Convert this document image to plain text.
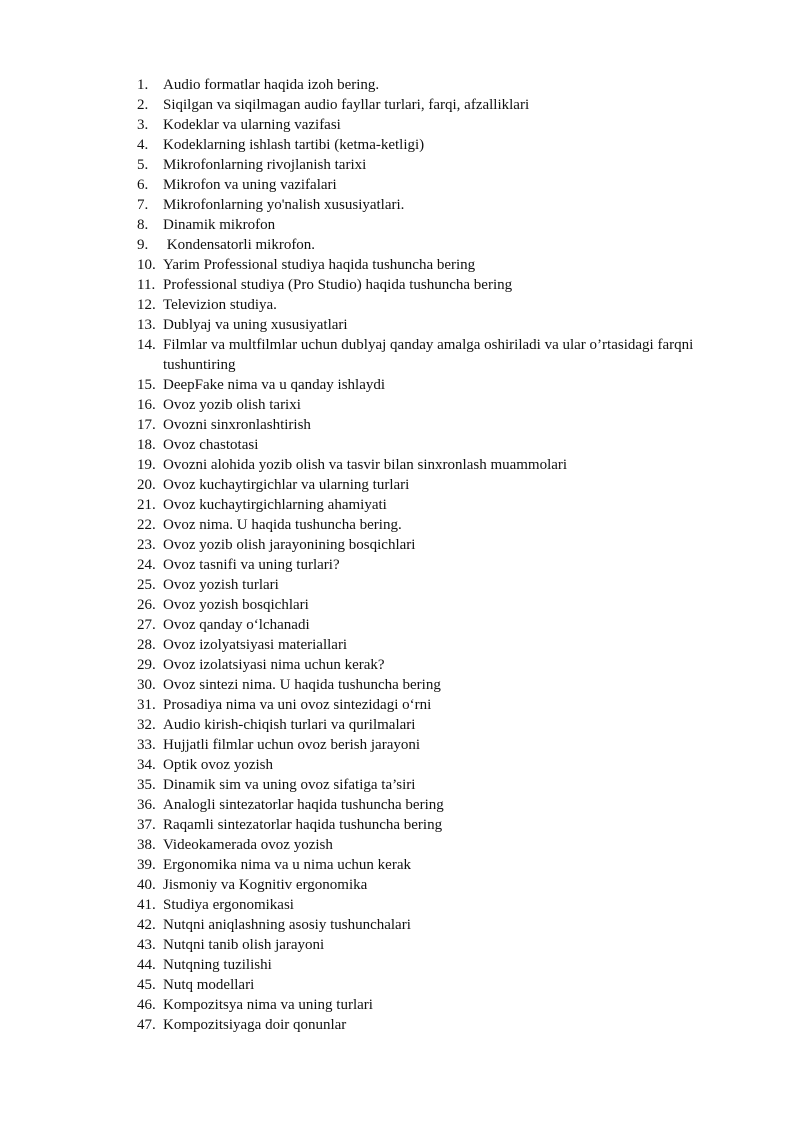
1. Audio formatlar haqida izoh bering.
2. Siqilgan va siqilmagan audio fayllar turlari, farqi, afzalliklari
3. Kodeklar va ularning vazifasi
4. Kodeklarning ishlash tartibi (ketma-ketligi)
5. Mikrofonlarning rivojlanish tarixi
6. Mikrofon va uning vazifalari
7. Mikrofonlarning yo'nalish xususiyatlari.
8. Dinamik mikrofon
9. Kondensatorli mikrofon.
10. Yarim Professional studiya haqida tushuncha bering
11. Professional studiya (Pro Studio) haqida tushuncha bering
12. Televizion studiya.
13. Dublyaj va uning xususiyatlari
14. Filmlar va multfilmlar uchun dublyaj qanday amalga oshiriladi va ular o’rtasidagi farqni tushuntiring
15. DeepFake nima va u qanday ishlaydi
16. Ovoz yozib olish tarixi
17. Ovozni sinxronlashtirish
18. Ovoz chastotasi
19. Ovozni alohida yozib olish va tasvir bilan sinxronlash muammolari
20. Ovoz kuchaytirgichlar va ularning turlari
21. Ovoz kuchaytirgichlarning ahamiyati
22. Ovoz nima. U haqida tushuncha bering.
23. Ovoz yozib olish jarayonining bosqichlari
24. Ovoz tasnifi va uning turlari?
25. Ovoz yozish turlari
26. Ovoz yozish bosqichlari
27. Ovoz qanday o‘lchanadi
28. Ovoz izolyatsiyasi materiallari
29. Ovoz izolatsiyasi nima uchun kerak?
30. Ovoz sintezi nima. U haqida tushuncha bering
31. Prosadiya nima va uni ovoz sintezidagi o‘rni
32. Audio kirish-chiqish turlari va qurilmalari
33. Hujjatli filmlar uchun ovoz berish jarayoni
34. Optik ovoz yozish
35. Dinamik sim va uning ovoz sifatiga ta’siri
36. Analogli sintezatorlar haqida tushuncha bering
37. Raqamli sintezatorlar haqida tushuncha bering
38. Videokamerada ovoz yozish
39. Ergonomika nima va u nima uchun kerak
40. Jismoniy va Kognitiv ergonomika
41. Studiya ergonomikasi
42. Nutqni aniqlashning asosiy tushunchalari
43. Nutqni tanib olish jarayoni
44. Nutqning tuzilishi
45. Nutq modellari
46. Kompozitsya nima va uning turlari
47. Kompozitsiyaga doir qonunlar
